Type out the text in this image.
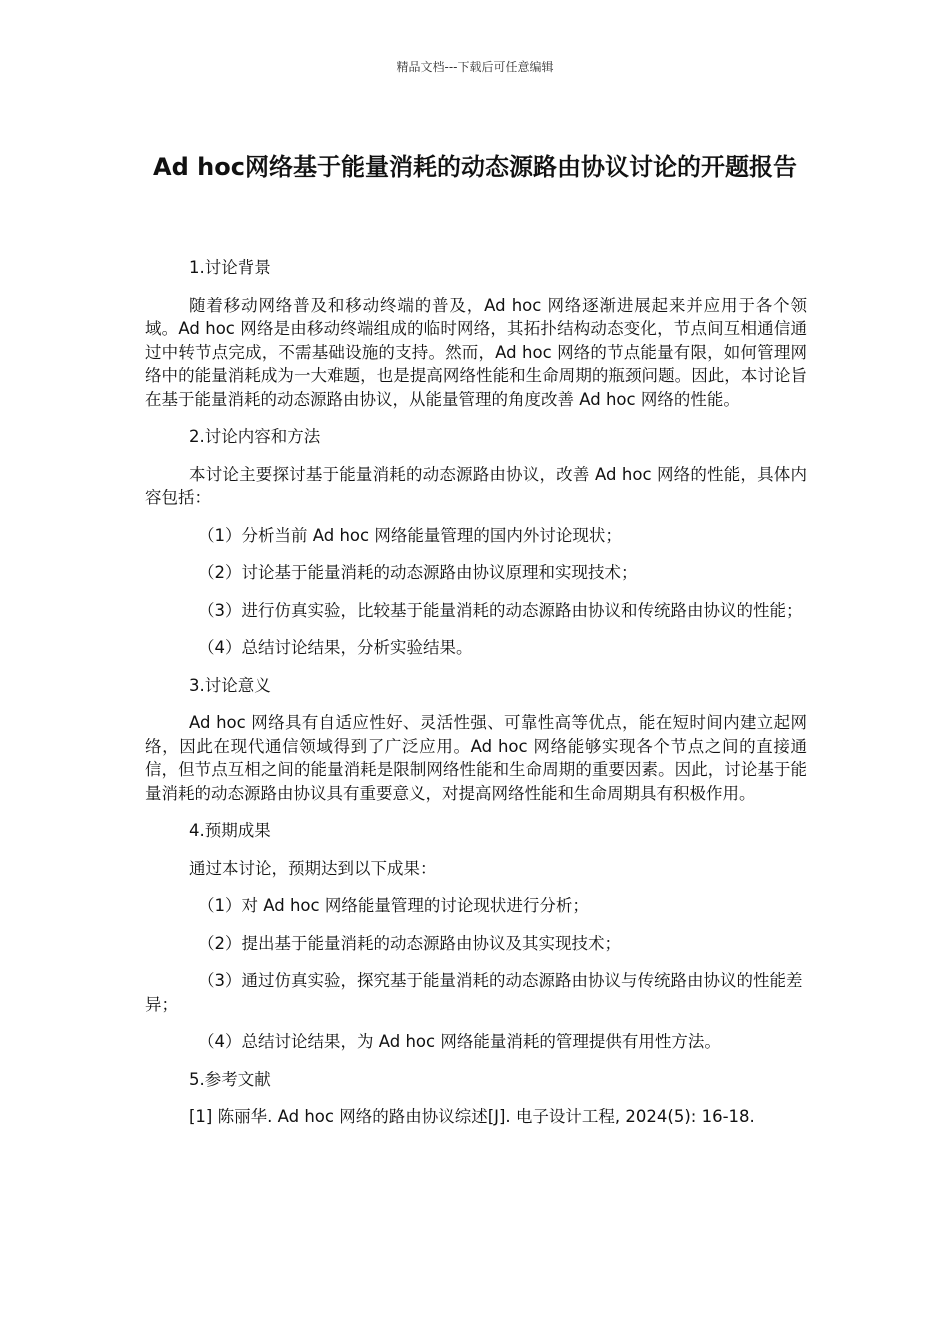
精品文档---下载后可任意编辑
Ad hoc网络基于能量消耗的动态源路由协议讨论的开题报告

1.讨论背景

随着移动网络普及和移动终端的普及，Ad hoc 网络逐渐进展起来并应用于各个领域。Ad hoc 网络是由移动终端组成的临时网络，其拓扑结构动态变化，节点间互相通信通过中转节点完成，不需基础设施的支持。然而，Ad hoc 网络的节点能量有限，如何管理网络中的能量消耗成为一大难题，也是提高网络性能和生命周期的瓶颈问题。因此，本讨论旨在基于能量消耗的动态源路由协议，从能量管理的角度改善 Ad hoc 网络的性能。

2.讨论内容和方法

本讨论主要探讨基于能量消耗的动态源路由协议，改善 Ad hoc 网络的性能，具体内容包括：

（1）分析当前 Ad hoc 网络能量管理的国内外讨论现状；

（2）讨论基于能量消耗的动态源路由协议原理和实现技术；

（3）进行仿真实验，比较基于能量消耗的动态源路由协议和传统路由协议的性能；

（4）总结讨论结果，分析实验结果。

3.讨论意义

Ad hoc 网络具有自适应性好、灵活性强、可靠性高等优点，能在短时间内建立起网络，因此在现代通信领域得到了广泛应用。Ad hoc 网络能够实现各个节点之间的直接通信，但节点互相之间的能量消耗是限制网络性能和生命周期的重要因素。因此，讨论基于能量消耗的动态源路由协议具有重要意义，对提高网络性能和生命周期具有积极作用。

4.预期成果

通过本讨论，预期达到以下成果：

（1）对 Ad hoc 网络能量管理的讨论现状进行分析；

（2）提出基于能量消耗的动态源路由协议及其实现技术；

（3）通过仿真实验，探究基于能量消耗的动态源路由协议与传统路由协议的性能差异；

（4）总结讨论结果，为 Ad hoc 网络能量消耗的管理提供有用性方法。

5.参考文献

[1] 陈丽华. Ad hoc 网络的路由协议综述[J]. 电子设计工程, 2024(5): 16-18.
